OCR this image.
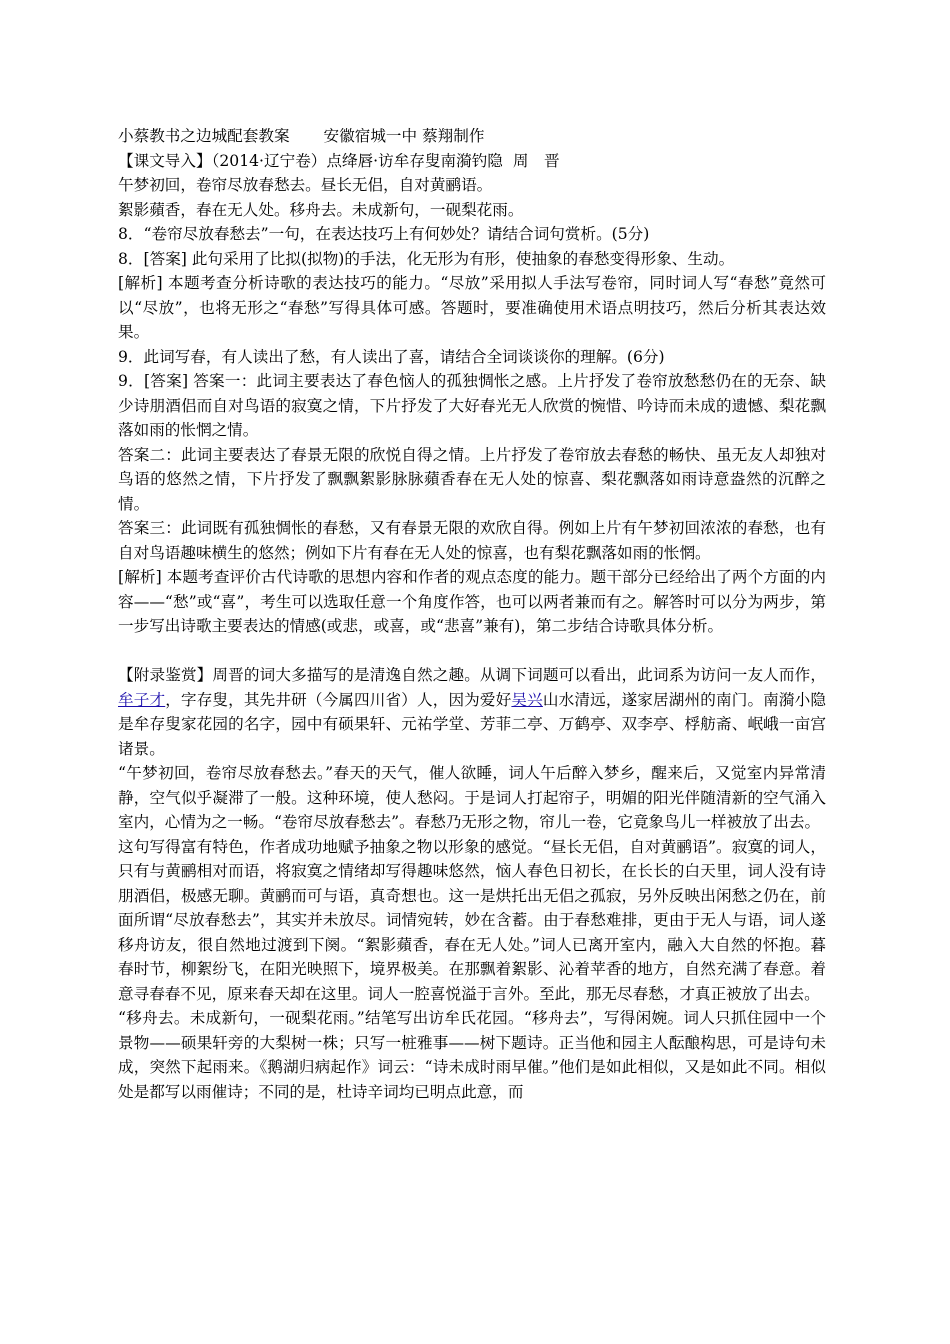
小蔡教书之边城配套教案 安徽宿城一中 蔡翔制作
【课文导入】（2014·辽宁卷）点绛唇·访牟存叟南漪钓隐 周　晋
午梦初回，卷帘尽放春愁去。昼长无侣，自对黄鹂语。
絮影蘋香，春在无人处。移舟去。未成新句，一砚梨花雨。
8．“卷帘尽放春愁去”一句，在表达技巧上有何妙处？请结合词句赏析。(5分)
8．[答案] 此句采用了比拟(拟物)的手法，化无形为有形，使抽象的春愁变得形象、生动。
[解析] 本题考查分析诗歌的表达技巧的能力。“尽放”采用拟人手法写卷帘，同时词人写“春愁”竟然可以“尽放”，也将无形之“春愁”写得具体可感。答题时，要准确使用术语点明技巧，然后分析其表达效果。
9．此词写春，有人读出了愁，有人读出了喜，请结合全词谈谈你的理解。(6分)
9．[答案] 答案一：此词主要表达了春色恼人的孤独惆怅之感。上片抒发了卷帘放愁愁仍在的无奈、缺少诗朋酒侣而自对鸟语的寂寞之情，下片抒发了大好春光无人欣赏的惋惜、吟诗而未成的遗憾、梨花飘落如雨的怅惘之情。
答案二：此词主要表达了春景无限的欣悦自得之情。上片抒发了卷帘放去春愁的畅快、虽无友人却独对鸟语的悠然之情，下片抒发了飘飘絮影脉脉蘋香春在无人处的惊喜、梨花飘落如雨诗意盎然的沉醉之情。
答案三：此词既有孤独惆怅的春愁，又有春景无限的欢欣自得。例如上片有午梦初回浓浓的春愁，也有自对鸟语趣味横生的悠然；例如下片有春在无人处的惊喜，也有梨花飘落如雨的怅惘。
[解析] 本题考查评价古代诗歌的思想内容和作者的观点态度的能力。题干部分已经给出了两个方面的内容——“愁”或“喜”，考生可以选取任意一个角度作答，也可以两者兼而有之。解答时可以分为两步，第一步写出诗歌主要表达的情感(或悲，或喜，或“悲喜”兼有)，第二步结合诗歌具体分析。
【附录鉴赏】周晋的词大多描写的是清逸自然之趣。从调下词题可以看出，此词系为访问一友人而作，牟子才，字存叟，其先井研（今属四川省）人，因为爱好吴兴山水清远，遂家居湖州的南门。南漪小隐是牟存叟家花园的名字，园中有硕果轩、元祐学堂、芳菲二亭、万鹤亭、双李亭、桴舫斋、岷峨一亩宫诸景。
“午梦初回，卷帘尽放春愁去。”春天的天气，催人欲睡，词人午后醉入梦乡，醒来后，又觉室内异常清静，空气似乎凝滞了一般。这种环境，使人愁闷。于是词人打起帘子，明媚的阳光伴随清新的空气涌入室内，心情为之一畅。“卷帘尽放春愁去”。春愁乃无形之物，帘儿一卷，它竟象鸟儿一样被放了出去。
这句写得富有特色，作者成功地赋予抽象之物以形象的感觉。“昼长无侣，自对黄鹂语”。寂寞的词人，只有与黄鹂相对而语，将寂寞之情绪却写得趣味悠然，恼人春色日初长，在长长的白天里，词人没有诗朋酒侣，极感无聊。黄鹂而可与语，真奇想也。这一是烘托出无侣之孤寂，另外反映出闲愁之仍在，前面所谓“尽放春愁去”，其实并未放尽。词情宛转，妙在含蓄。由于春愁难排，更由于无人与语，词人遂移舟访友，很自然地过渡到下阕。“絮影蘋香，春在无人处。”词人已离开室内，融入大自然的怀抱。暮春时节，柳絮纷飞，在阳光映照下，境界极美。在那飘着絮影、沁着苹香的地方，自然充满了春意。着意寻春春不见，原来春天却在这里。词人一腔喜悦溢于言外。至此，那无尽春愁，才真正被放了出去。
“移舟去。未成新句，一砚梨花雨。”结笔写出访牟氏花园。“移舟去”，写得闲婉。词人只抓住园中一个景物——硕果轩旁的大梨树一株；只写一桩雅事——树下题诗。正当他和园主人酝酿构思，可是诗句未成，突然下起雨来。《鹅湖归病起作》词云：“诗未成时雨早催。”他们是如此相似，又是如此不同。相似处是都写以雨催诗；不同的是，杜诗辛词均已明点此意，而
